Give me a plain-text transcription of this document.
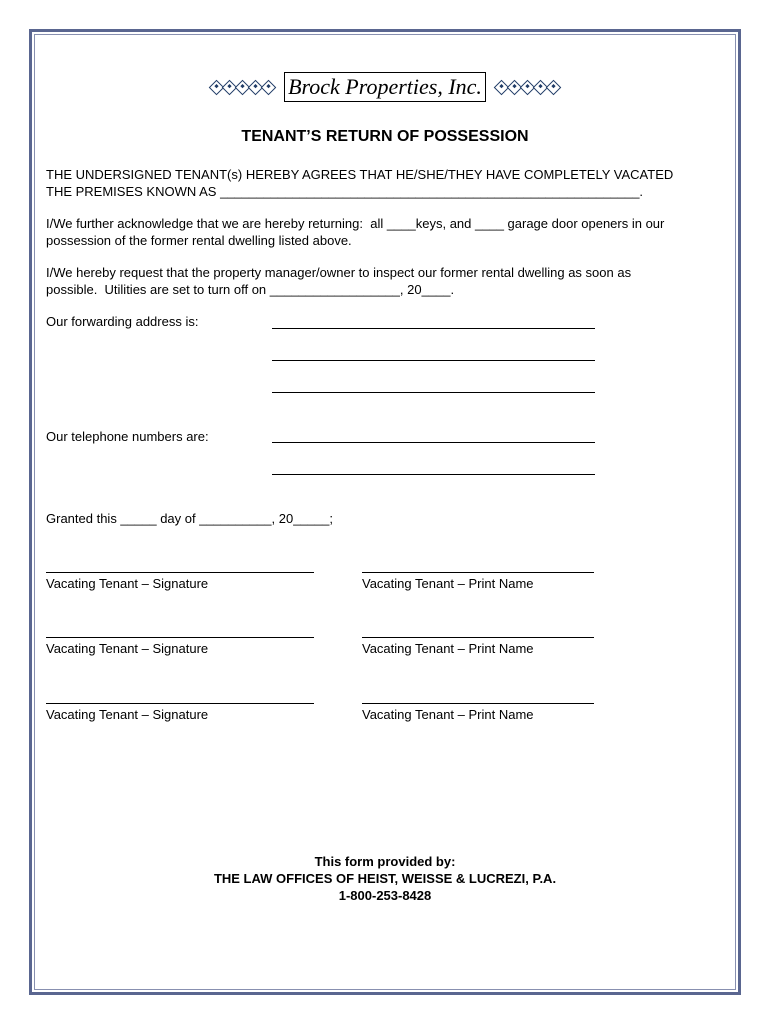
Brock Properties, Inc.
TENANT’S RETURN OF POSSESSION
THE UNDERSIGNED TENANT(s) HEREBY AGREES THAT HE/SHE/THEY HAVE COMPLETELY VACATED
THE PREMISES KNOWN AS __________________________________________________________.
I/We further acknowledge that we are hereby returning:  all ____keys, and ____ garage door openers in our
possession of the former rental dwelling listed above.
I/We hereby request that the property manager/owner to inspect our former rental dwelling as soon as
possible.  Utilities are set to turn off on __________________, 20____.
Our forwarding address is:
Our telephone numbers are:
Granted this _____ day of __________, 20_____;
Vacating Tenant – Signature	Vacating Tenant – Print Name
Vacating Tenant – Signature	Vacating Tenant – Print Name
Vacating Tenant – Signature	Vacating Tenant – Print Name
This form provided by:
THE LAW OFFICES OF HEIST, WEISSE & LUCREZI, P.A.
1-800-253-8428
